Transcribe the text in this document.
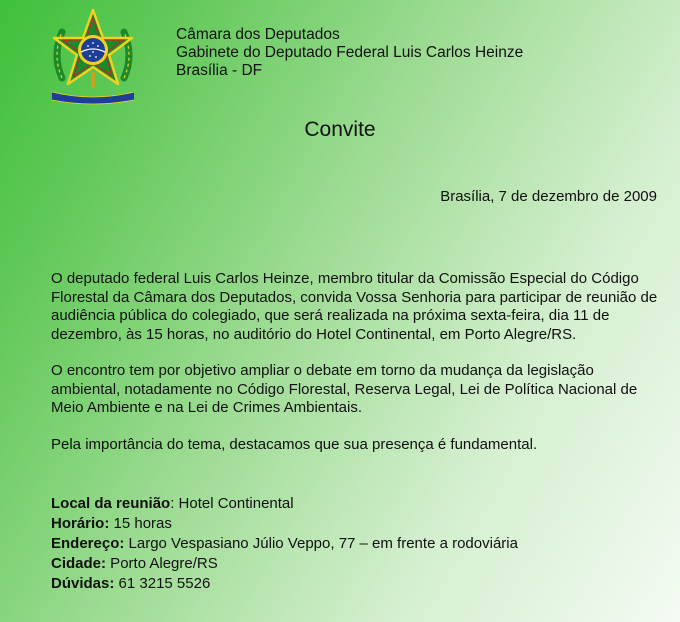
Câmara dos Deputados
Gabinete do Deputado Federal Luis Carlos Heinze
Brasília - DF
Convite
Brasília, 7 de dezembro de 2009

O deputado federal Luis Carlos Heinze, membro titular da Comissão Especial do Código Florestal da Câmara dos Deputados, convida Vossa Senhoria para participar de reunião de audiência pública do colegiado, que será realizada na próxima sexta-feira, dia 11 de dezembro, às 15 horas, no auditório do Hotel Continental, em Porto Alegre/RS.

O encontro tem por objetivo ampliar o debate em torno da mudança da legislação ambiental, notadamente no Código Florestal, Reserva Legal, Lei de Política Nacional de Meio Ambiente e na Lei de Crimes Ambientais.

Pela importância do tema, destacamos que sua presença é fundamental.

Local da reunião: Hotel Continental
Horário: 15 horas
Endereço: Largo Vespasiano Júlio Veppo, 77 – em frente a rodoviária
Cidade: Porto Alegre/RS
Dúvidas: 61 3215 5526
